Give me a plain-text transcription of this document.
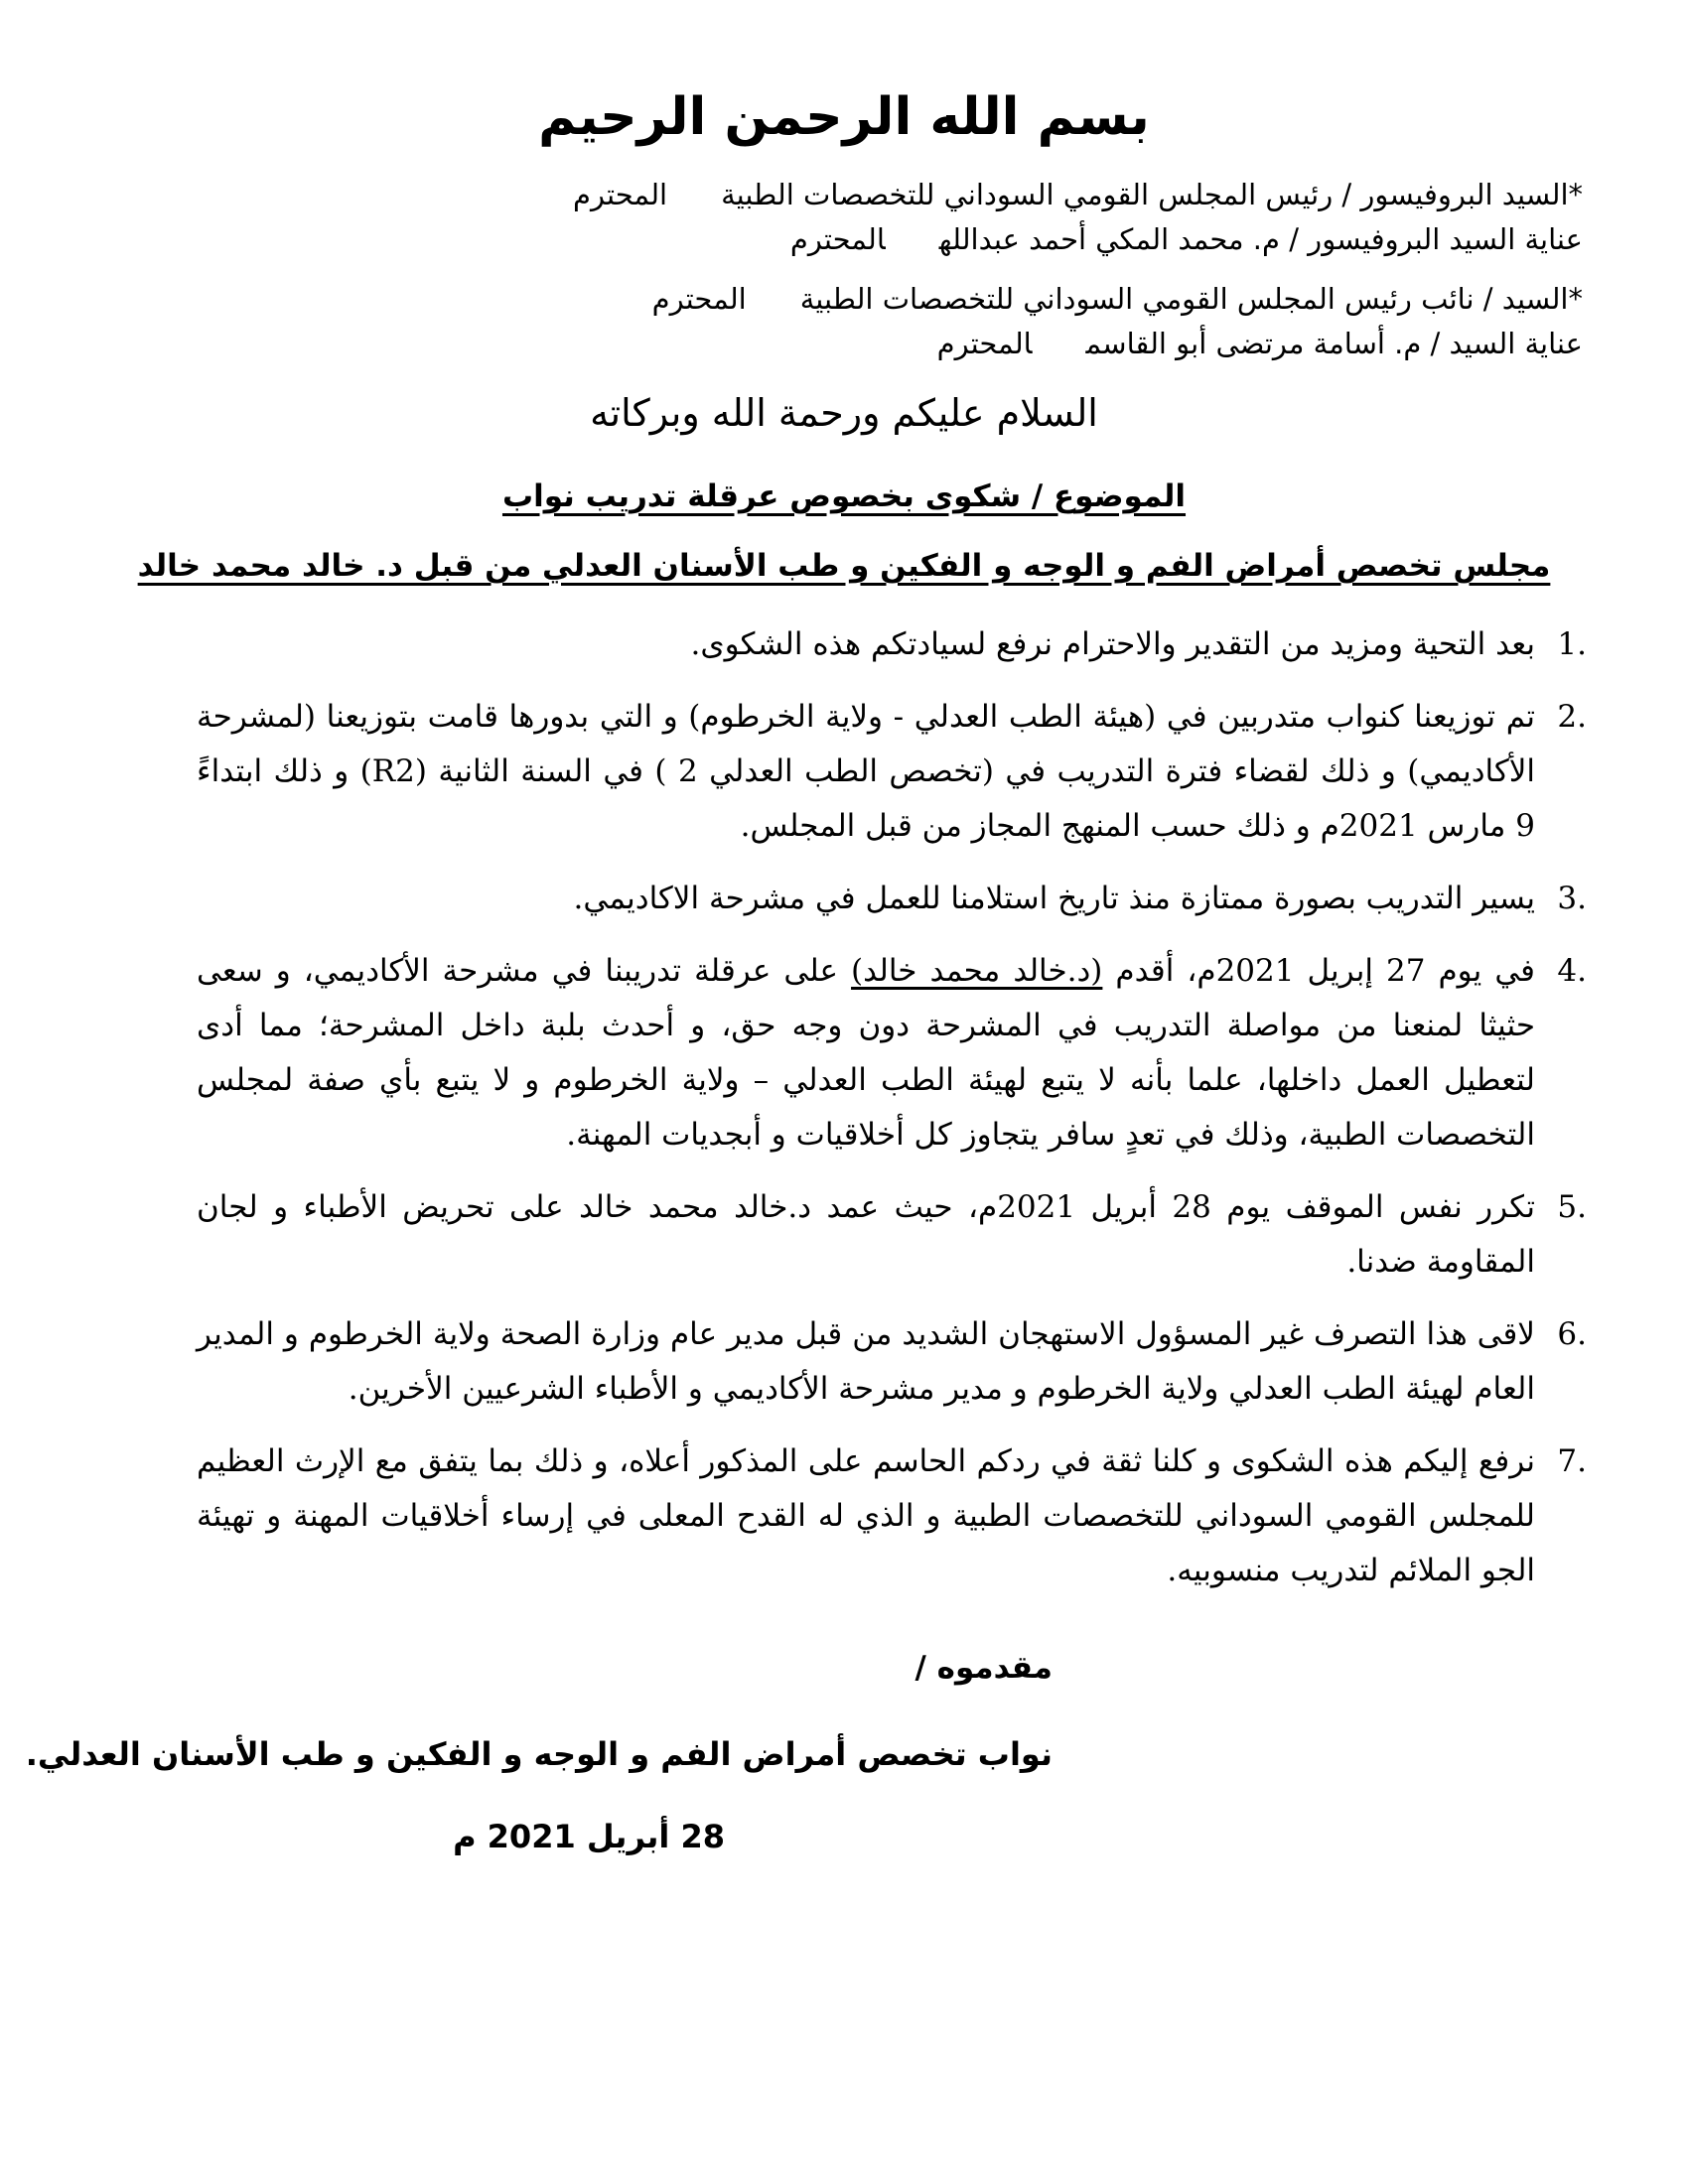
بسم الله الرحمن الرحيم

*السيد البروفيسور / رئيس المجلس القومي السوداني للتخصصات الطبيةالمحترم

عناية السيد البروفيسور / م. محمد المكي أحمد عبداللهالمحترم

*السيد / نائب رئيس المجلس القومي السوداني للتخصصات الطبيةالمحترم

عناية السيد / م. أسامة مرتضى أبو القاسمالمحترم

السلام عليكم ورحمة الله وبركاته

الموضوع / شكوى بخصوص عرقلة تدريب نواب

مجلس تخصص أمراض الفم و الوجه و الفكين و طب الأسنان العدلي من قبل د. خالد محمد خالد

1.
بعد التحية ومزيد من التقدير والاحترام نرفع لسيادتكم هذه الشكوى.
2.
تم توزيعنا كنواب متدربين في (هيئة الطب العدلي - ولاية الخرطوم) و التي بدورها قامت بتوزيعنا (لمشرحة الأكاديمي) و ذلك لقضاء فترة التدريب في (تخصص الطب العدلي 2 ) في السنة الثانية (R2) و ذلك ابتداءً 9 مارس 2021م و ذلك حسب المنهج المجاز من قبل المجلس.
3.
يسير التدريب بصورة ممتازة منذ تاريخ استلامنا للعمل في مشرحة الاكاديمي.
4.
في يوم 27 إبريل 2021م، أقدم (د.خالد محمد خالد) على عرقلة تدريبنا في مشرحة الأكاديمي، و سعى حثيثا لمنعنا من مواصلة التدريب في المشرحة دون وجه حق، و أحدث بلبة داخل المشرحة؛ مما أدى لتعطيل العمل داخلها، علما بأنه لا يتبع لهيئة الطب العدلي – ولاية الخرطوم و لا يتبع بأي صفة لمجلس التخصصات الطبية، وذلك في تعدٍ سافر يتجاوز كل أخلاقيات و أبجديات المهنة.
5.
تكرر نفس الموقف يوم 28 أبريل 2021م، حيث عمد د.خالد محمد خالد على تحريض الأطباء و لجان المقاومة ضدنا.
6.
لاقى هذا التصرف غير المسؤول الاستهجان الشديد من قبل مدير عام وزارة الصحة ولاية الخرطوم و المدير العام لهيئة الطب العدلي ولاية الخرطوم و مدير مشرحة الأكاديمي و الأطباء الشرعيين الأخرين.
7.
نرفع إليكم هذه الشكوى و كلنا ثقة في ردكم الحاسم على المذكور أعلاه، و ذلك بما يتفق مع الإرث العظيم للمجلس القومي السوداني للتخصصات الطبية و الذي له القدح المعلى في إرساء أخلاقيات المهنة و تهيئة الجو الملائم لتدريب منسوبيه.

مقدموه /

نواب تخصص أمراض الفم و الوجه و الفكين و طب الأسنان العدلي.

28 أبريل 2021 م
